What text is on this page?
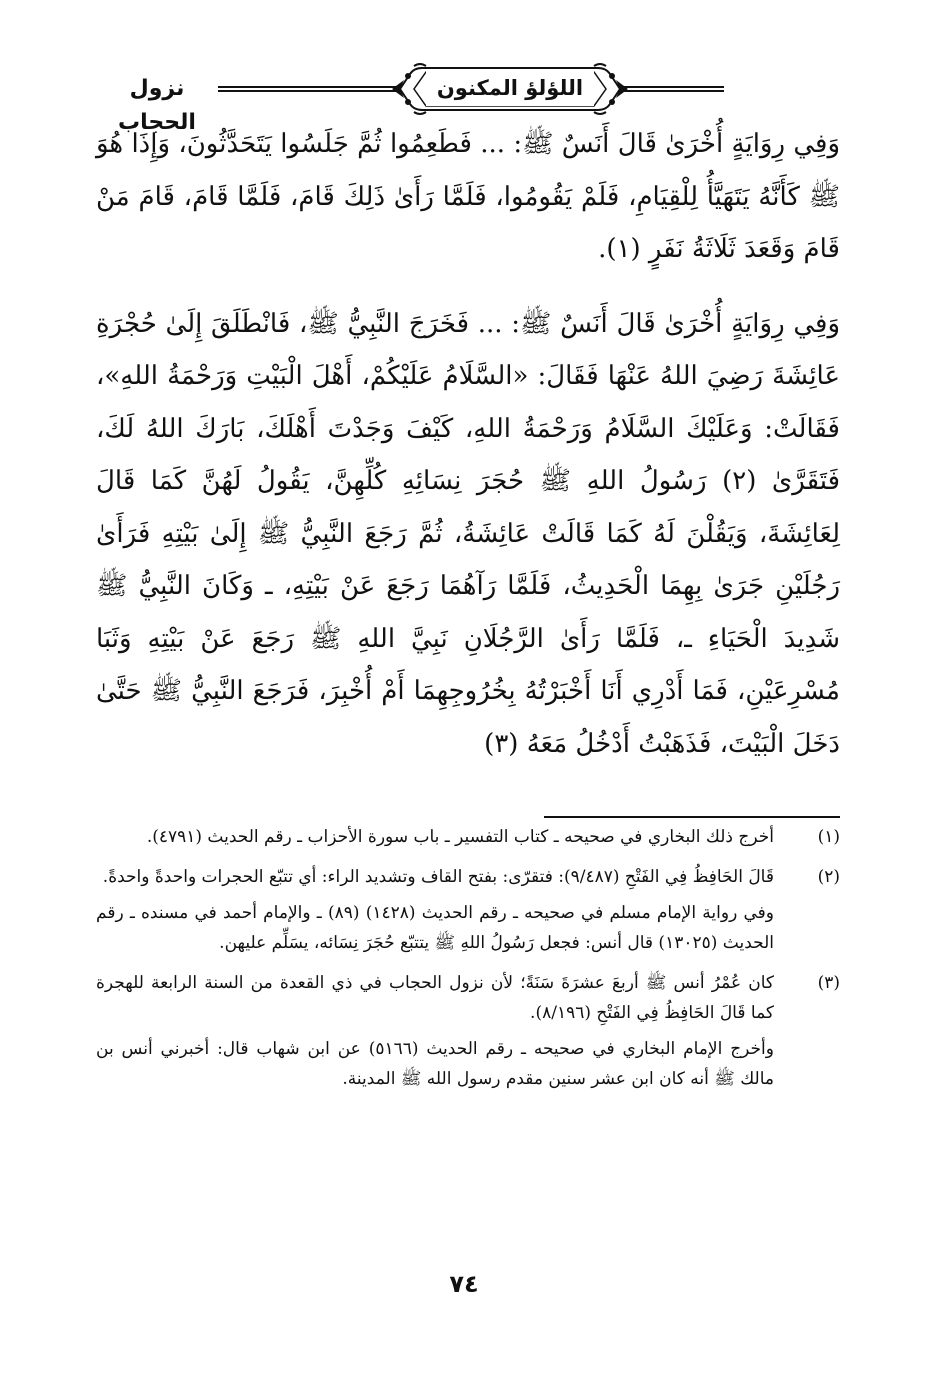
نزول الحجاب
اللؤلؤ المكنون

وَفِي رِوَايَةٍ أُخْرَىٰ قَالَ أَنَسٌ ﷺ: ... فَطَعِمُوا ثُمَّ جَلَسُوا يَتَحَدَّثُونَ، وَإِذَا هُوَ ﷺ كَأَنَّهُ يَتَهَيَّأُ لِلْقِيَامِ، فَلَمْ يَقُومُوا، فَلَمَّا رَأَىٰ ذَلِكَ قَامَ، فَلَمَّا قَامَ، قَامَ مَنْ قَامَ وَقَعَدَ ثَلَاثَةُ نَفَرٍ (١).

وَفِي رِوَايَةٍ أُخْرَىٰ قَالَ أَنَسٌ ﷺ: ... فَخَرَجَ النَّبِيُّ ﷺ، فَانْطَلَقَ إِلَىٰ حُجْرَةِ عَائِشَةَ رَضِيَ اللهُ عَنْهَا فَقَالَ: «السَّلَامُ عَلَيْكُمْ، أَهْلَ الْبَيْتِ وَرَحْمَةُ اللهِ»، فَقَالَتْ: وَعَلَيْكَ السَّلَامُ وَرَحْمَةُ اللهِ، كَيْفَ وَجَدْتَ أَهْلَكَ، بَارَكَ اللهُ لَكَ، فَتَقَرَّىٰ (٢) رَسُولُ اللهِ ﷺ حُجَرَ نِسَائِهِ كُلِّهِنَّ، يَقُولُ لَهُنَّ كَمَا قَالَ لِعَائِشَةَ، وَيَقُلْنَ لَهُ كَمَا قَالَتْ عَائِشَةُ، ثُمَّ رَجَعَ النَّبِيُّ ﷺ إِلَىٰ بَيْتِهِ فَرَأَىٰ رَجُلَيْنِ جَرَىٰ بِهِمَا الْحَدِيثُ، فَلَمَّا رَآهُمَا رَجَعَ عَنْ بَيْتِهِ، ـ وَكَانَ النَّبِيُّ ﷺ شَدِيدَ الْحَيَاءِ ـ، فَلَمَّا رَأَىٰ الرَّجُلَانِ نَبِيَّ اللهِ ﷺ رَجَعَ عَنْ بَيْتِهِ وَثَبَا مُسْرِعَيْنِ، فَمَا أَدْرِي أَنَا أَخْبَرْتُهُ بِخُرُوجِهِمَا أَمْ أُخْبِرَ، فَرَجَعَ النَّبِيُّ ﷺ حَتَّىٰ دَخَلَ الْبَيْتَ، فَذَهَبْتُ أَدْخُلُ مَعَهُ (٣)

(١)
أخرج ذلك البخاري في صحيحه ـ كتاب التفسير ـ باب سورة الأحزاب ـ رقم الحديث (٤٧٩١).
(٢)
قَالَ الحَافِظُ فِي الفَتْحِ (٩/٤٨٧): فتقرّى: بفتح القاف وتشديد الراء: أي تتبّع الحجرات واحدةً واحدةً.
وفي رواية الإمام مسلم في صحيحه ـ رقم الحديث (١٤٢٨) (٨٩) ـ والإمام أحمد في مسنده ـ رقم الحديث (١٣٠٢٥) قال أنس: فجعل رَسُولُ اللهِ ﷺ يتتبّع حُجَرَ نِسَائه، يسَلِّم عليهن.
(٣)
كان عُمْرُ أنس ﷺ أربعَ عشرَةَ سَنَةً؛ لأن نزول الحجاب في ذي القعدة من السنة الرابعة للهجرة كما قَالَ الحَافِظُ فِي الفَتْحِ (٨/١٩٦).
وأخرج الإمام البخاري في صحيحه ـ رقم الحديث (٥١٦٦) عن ابن شهاب قال: أخبرني أنس بن مالك ﷺ أنه كان ابن عشر سنين مقدم رسول الله ﷺ المدينة.
٧٤
